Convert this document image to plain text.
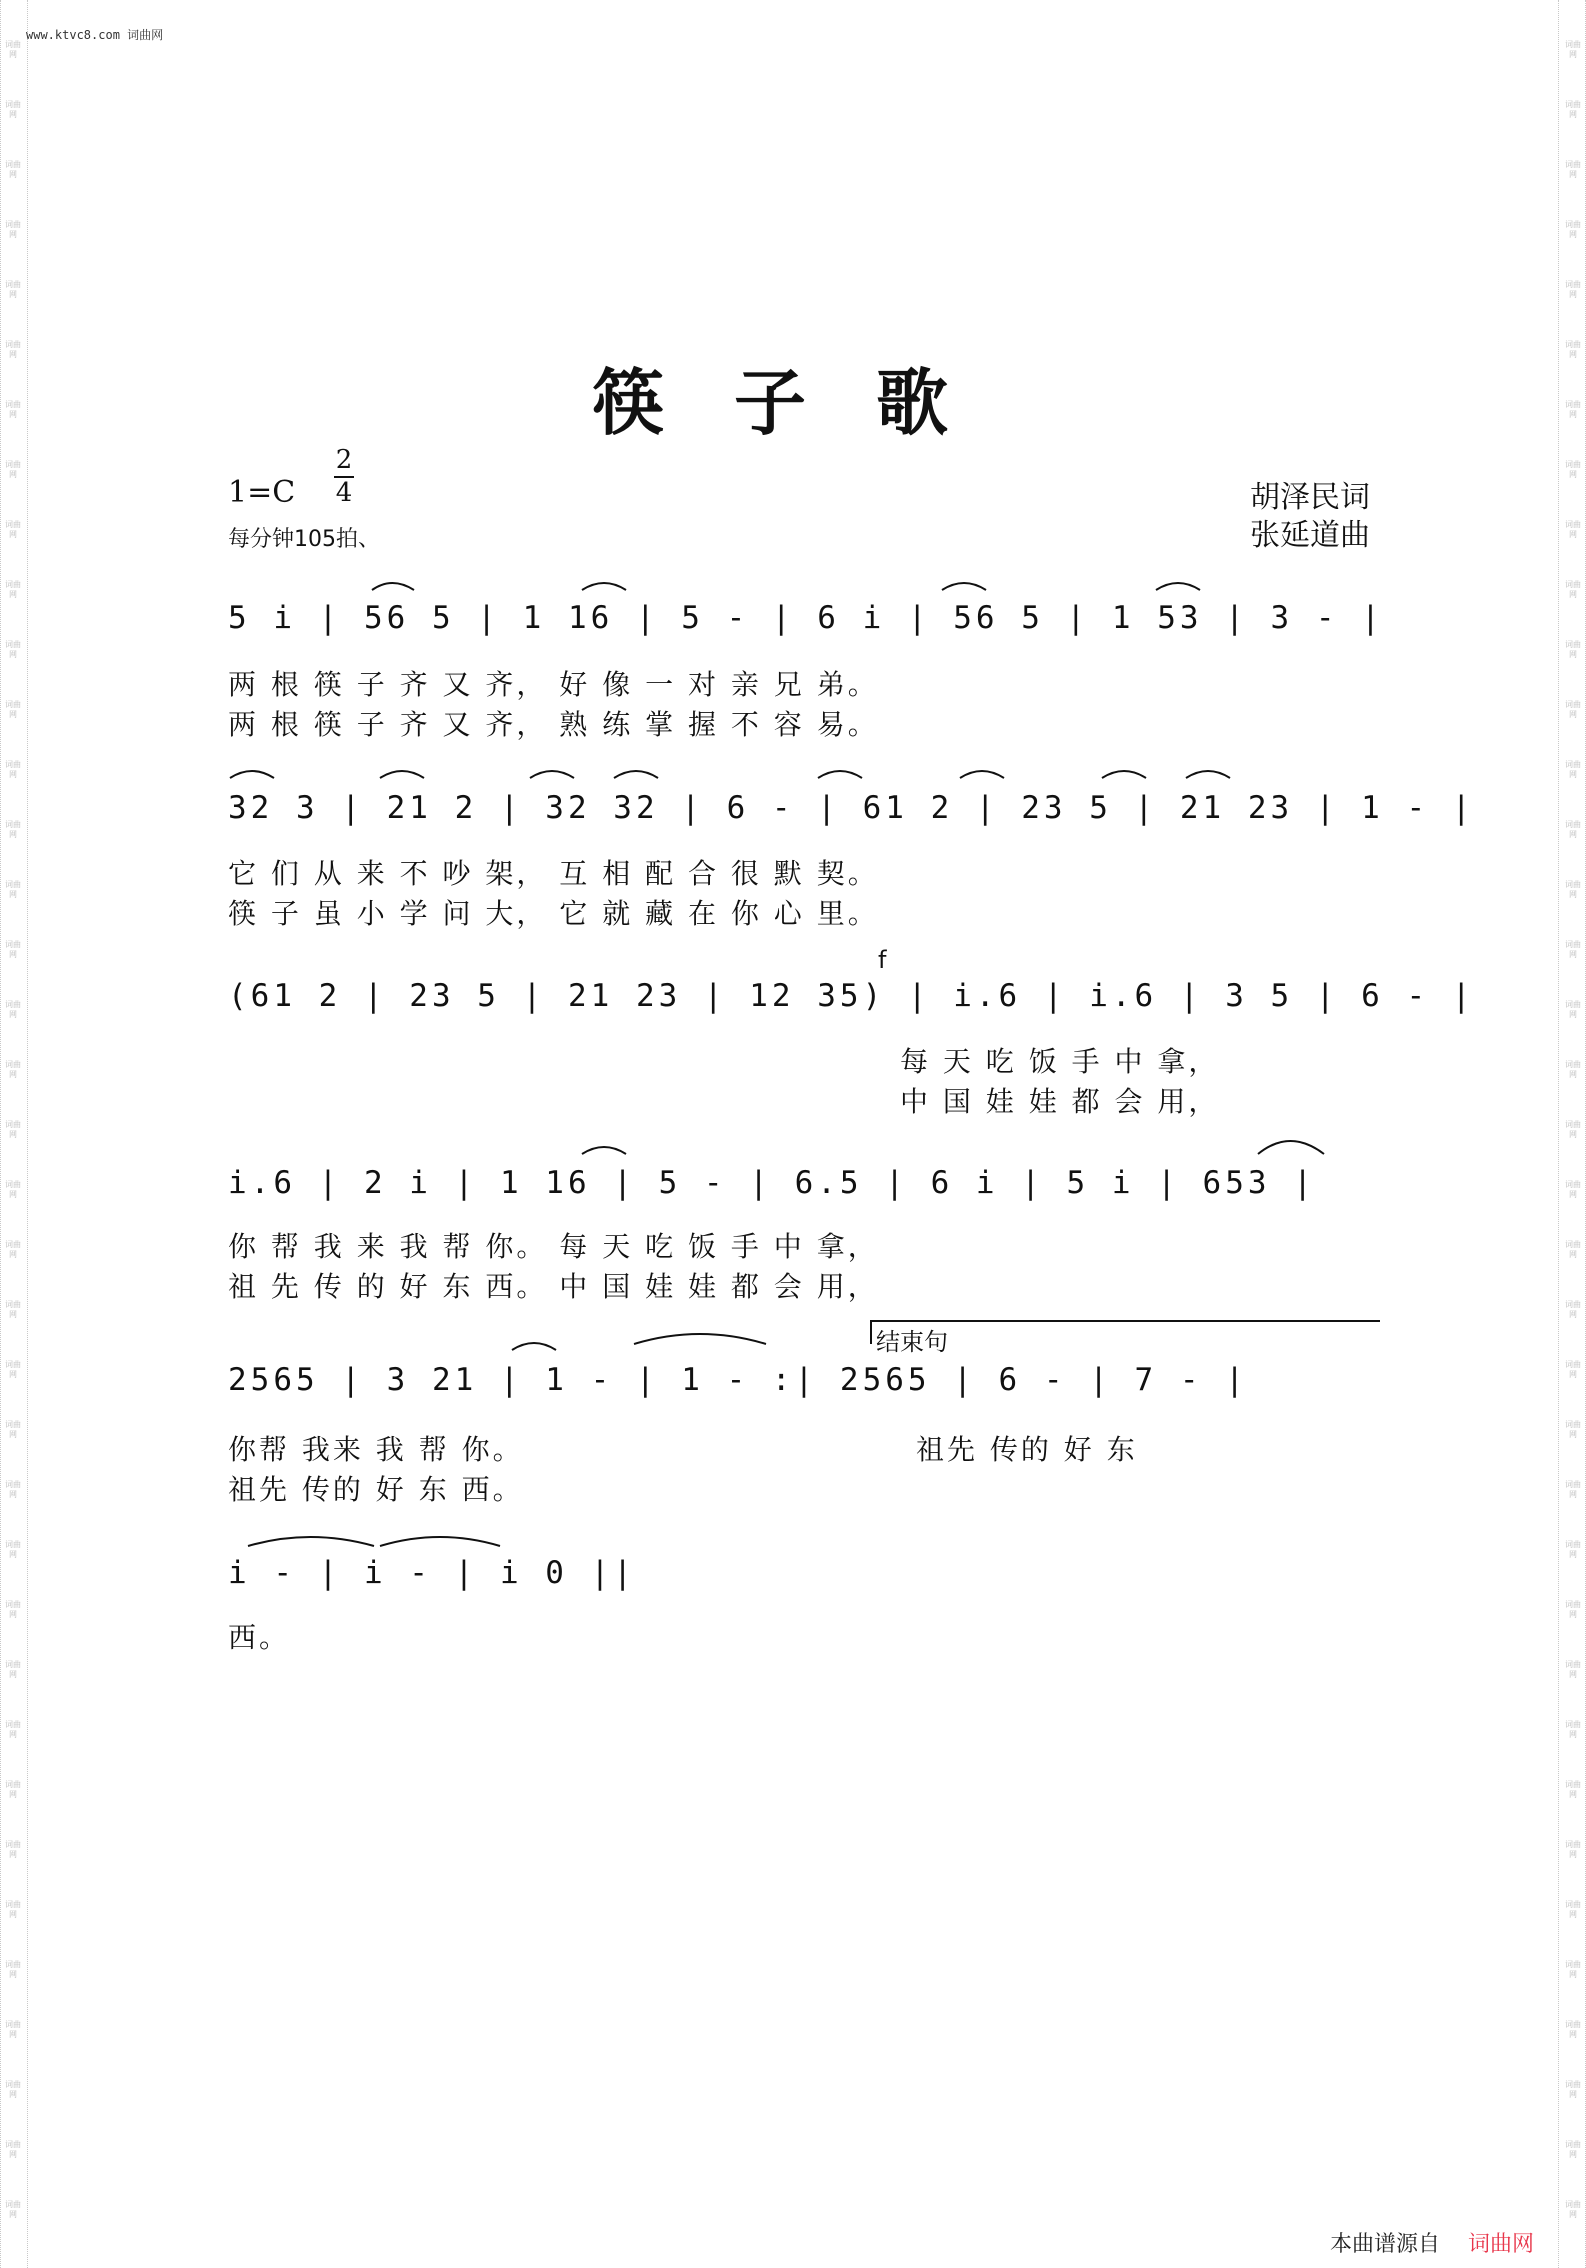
词曲网
词曲网
词曲网
词曲网
词曲网
词曲网
词曲网
词曲网
词曲网
词曲网
词曲网
词曲网
词曲网
词曲网
词曲网
词曲网
词曲网
词曲网
词曲网
词曲网
词曲网
词曲网
词曲网
词曲网
词曲网
词曲网
词曲网
词曲网
词曲网
词曲网
词曲网
词曲网
词曲网
词曲网
词曲网
词曲网
词曲网
词曲网
词曲网
词曲网
词曲网
词曲网
词曲网
词曲网
词曲网
词曲网
词曲网
词曲网
词曲网
词曲网
词曲网
词曲网
词曲网
词曲网
词曲网
词曲网
词曲网
词曲网
词曲网
词曲网
词曲网
词曲网
词曲网
词曲网
词曲网
词曲网
词曲网
词曲网
词曲网
词曲网
词曲网
词曲网
词曲网
词曲网
www.ktvc8.com 词曲网
筷子歌
1=C
2
4
每分钟105拍、
胡泽民词
张延道曲
5 i | 56 5 | 1 16 | 5 - | 6 i | 56 5 | 1 53 | 3 - |
两 根 筷 子 齐 又 齐， 好 像 一 对 亲 兄 弟。
两 根 筷 子 齐 又 齐， 熟 练 掌 握 不 容 易。
32 3 | 21 2 | 32 32 | 6 - | 61 2 | 23 5 | 21 23 | 1 - |
它 们 从 来 不 吵 架， 互 相 配 合 很 默 契。
筷 子 虽 小 学 问 大， 它 就 藏 在 你 心 里。
f
(61 2 | 23 5 | 21 23 | 12 35) | i.6 | i.6 | 3 5 | 6 - |
每 天 吃 饭 手 中 拿，
中 国 娃 娃 都 会 用，
i.6 | 2 i | 1 16 | 5 - | 6.5 | 6 i | 5 i | 653 |
你 帮 我 来 我 帮 你。 每 天 吃 饭 手 中 拿，
祖 先 传 的 好 东 西。 中 国 娃 娃 都 会 用，
结束句
2565 | 3 21 | 1 - | 1 - :| 2565 | 6 - | 7 - |
你帮 我来 我 帮 你。
祖先 传的 好 东 西。
祖先 传的 好 东
i - | i - | i 0 ||
西。
本曲谱源自 词曲网
